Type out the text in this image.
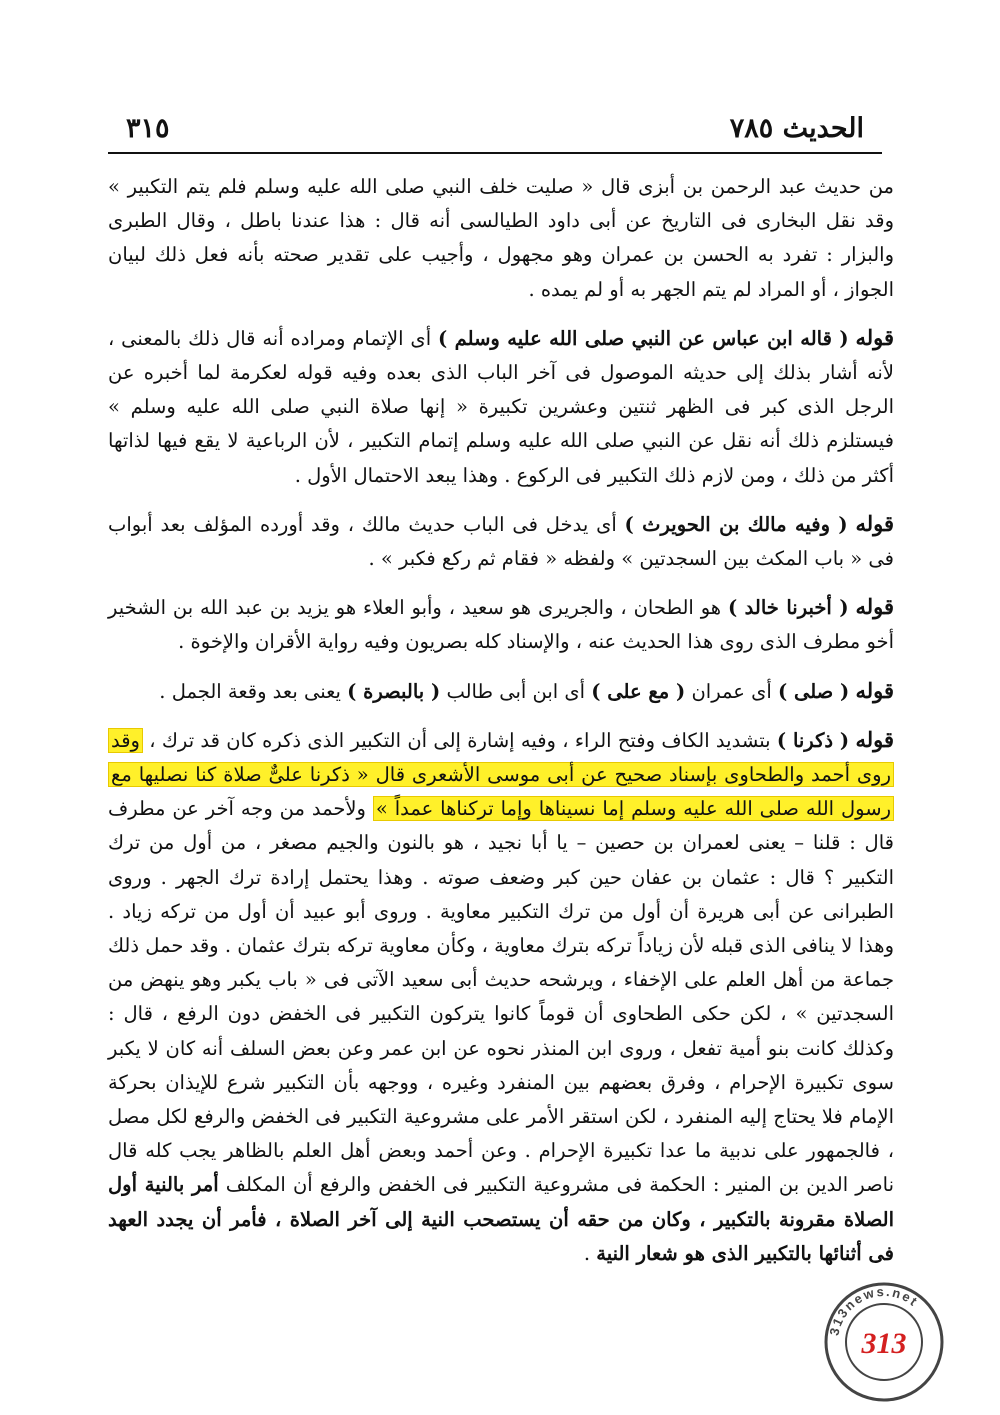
الحديث ٧٨٥
٣١٥

من حديث عبد الرحمن بن أبزى قال « صليت خلف النبي صلى الله عليه وسلم فلم يتم التكبير » وقد نقل البخارى فى التاريخ عن أبى داود الطيالسى أنه قال : هذا عندنا باطل ، وقال الطبرى والبزار : تفرد به الحسن بن عمران وهو مجهول ، وأجيب على تقدير صحته بأنه فعل ذلك لبيان الجواز ، أو المراد لم يتم الجهر به أو لم يمده .

قوله ( قاله ابن عباس عن النبي صلى الله عليه وسلم ) أى الإتمام ومراده أنه قال ذلك بالمعنى ، لأنه أشار بذلك إلى حديثه الموصول فى آخر الباب الذى بعده وفيه قوله لعكرمة لما أخبره عن الرجل الذى كبر فى الظهر ثنتين وعشرين تكبيرة « إنها صلاة النبي صلى الله عليه وسلم » فيستلزم ذلك أنه نقل عن النبي صلى الله عليه وسلم إتمام التكبير ، لأن الرباعية لا يقع فيها لذاتها أكثر من ذلك ، ومن لازم ذلك التكبير فى الركوع . وهذا يبعد الاحتمال الأول .

قوله ( وفيه مالك بن الحويرث ) أى يدخل فى الباب حديث مالك ، وقد أورده المؤلف بعد أبواب فى « باب المكث بين السجدتين » ولفظه « فقام ثم ركع فكبر » .

قوله ( أخبرنا خالد ) هو الطحان ، والجريرى هو سعيد ، وأبو العلاء هو يزيد بن عبد الله بن الشخير أخو مطرف الذى روى هذا الحديث عنه ، والإسناد كله بصريون وفيه رواية الأقران والإخوة .

قوله ( صلى ) أى عمران ( مع على ) أى ابن أبى طالب ( بالبصرة ) يعنى بعد وقعة الجمل .

قوله ( ذكرنا ) بتشديد الكاف وفتح الراء ، وفيه إشارة إلى أن التكبير الذى ذكره كان قد ترك ، وقد روى أحمد والطحاوى بإسناد صحيح عن أبى موسى الأشعرى قال « ذكرنا علىٌّ صلاة كنا نصليها مع رسول الله صلى الله عليه وسلم إما نسيناها وإما تركناها عمداً » ولأحمد من وجه آخر عن مطرف قال : قلنا – يعنى لعمران بن حصين – يا أبا نجيد ، هو بالنون والجيم مصغر ، من أول من ترك التكبير ؟ قال : عثمان بن عفان حين كبر وضعف صوته . وهذا يحتمل إرادة ترك الجهر . وروى الطبرانى عن أبى هريرة أن أول من ترك التكبير معاوية . وروى أبو عبيد أن أول من تركه زياد . وهذا لا ينافى الذى قبله لأن زياداً تركه بترك معاوية ، وكأن معاوية تركه بترك عثمان . وقد حمل ذلك جماعة من أهل العلم على الإخفاء ، ويرشحه حديث أبى سعيد الآتى فى « باب يكبر وهو ينهض من السجدتين » ، لكن حكى الطحاوى أن قوماً كانوا يتركون التكبير فى الخفض دون الرفع ، قال : وكذلك كانت بنو أمية تفعل ، وروى ابن المنذر نحوه عن ابن عمر وعن بعض السلف أنه كان لا يكبر سوى تكبيرة الإحرام ، وفرق بعضهم بين المنفرد وغيره ، ووجهه بأن التكبير شرع للإيذان بحركة الإمام فلا يحتاج إليه المنفرد ، لكن استقر الأمر على مشروعية التكبير فى الخفض والرفع لكل مصل ، فالجمهور على ندبية ما عدا تكبيرة الإحرام . وعن أحمد وبعض أهل العلم بالظاهر يجب كله قال ناصر الدين بن المنير : الحكمة فى مشروعية التكبير فى الخفض والرفع أن المكلف أمر بالنية أول الصلاة مقرونة بالتكبير ، وكان من حقه أن يستصحب النية إلى آخر الصلاة ، فأمر أن يجدد العهد فى أثنائها بالتكبير الذى هو شعار النية .

313news.net
313
